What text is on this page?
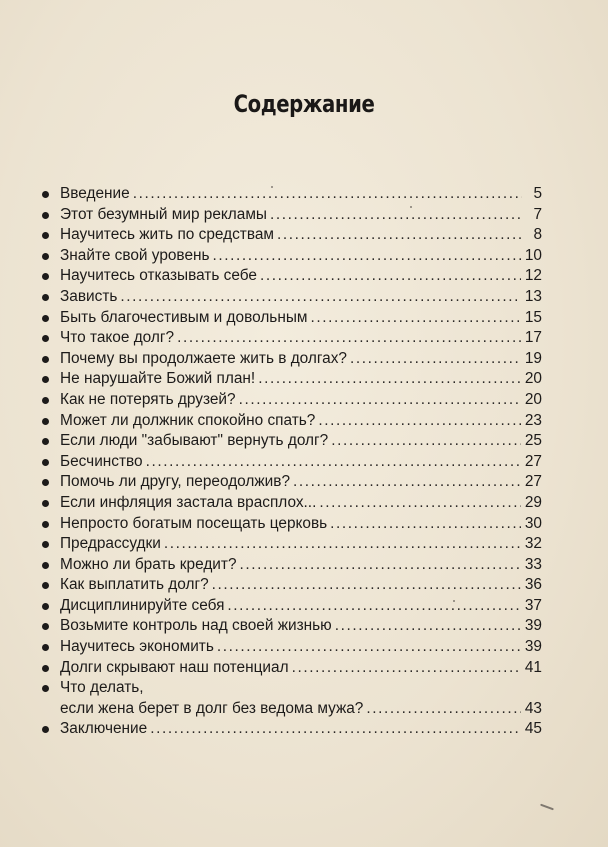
Содержание
Введение .....	5
Этот безумный мир рекламы .....	7
Научитесь жить по средствам .....	8
Знайте свой уровень .....	10
Научитесь отказывать себе .....	12
Зависть .....	13
Быть благочестивым и довольным .....	15
Что такое долг? .....	17
Почему вы продолжаете жить в долгах? .....	19
Не нарушайте Божий план! .....	20
Как не потерять друзей? .....	20
Может ли должник спокойно спать? .....	23
Если люди "забывают" вернуть долг? .....	25
Бесчинство .....	27
Помочь ли другу, переодолжив? .....	27
Если инфляция застала врасплох... .....	29
Непросто богатым посещать церковь .....	30
Предрассудки .....	32
Можно ли брать кредит? .....	33
Как выплатить долг? .....	36
Дисциплинируйте себя .....	37
Возьмите контроль над своей жизнью .....	39
Научитесь экономить .....	39
Долги скрывают наш потенциал .....	41
Что делать,
если жена берет в долг без ведома мужа? .....	43
Заключение .....	45
